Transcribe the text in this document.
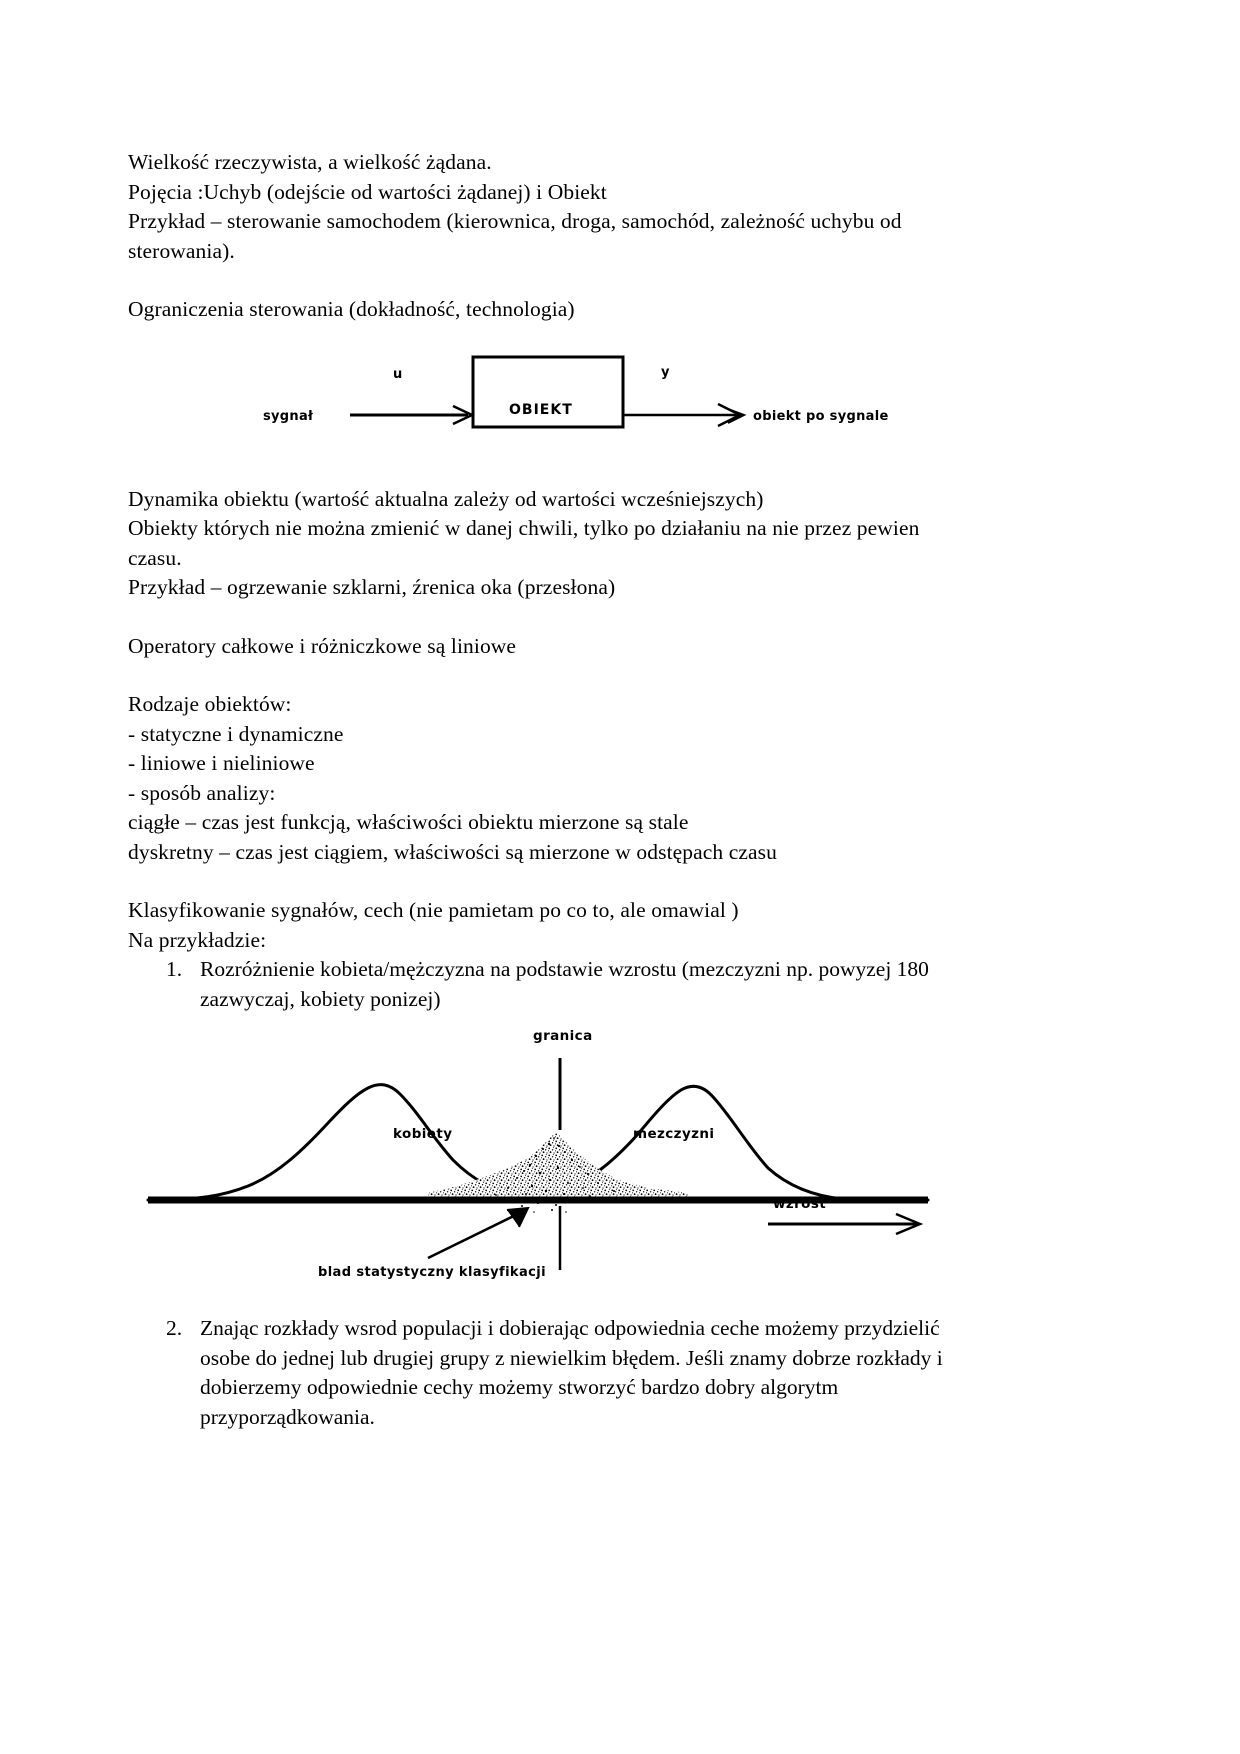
Wielkość rzeczywista, a wielkość żądana.
Pojęcia :Uchyb (odejście od wartości żądanej) i Obiekt
Przykład – sterowanie samochodem (kierownica, droga, samochód, zależność uchybu od
sterowania).
Ograniczenia sterowania (dokładność, technologia)
sygnał
u
OBIEKT
y
obiekt po sygnale
Dynamika obiektu (wartość aktualna zależy od wartości wcześniejszych)
Obiekty których nie można zmienić w danej chwili, tylko po działaniu na nie przez pewien
czasu.
Przykład – ogrzewanie szklarni, źrenica oka (przesłona)
Operatory całkowe i różniczkowe są liniowe
Rodzaje obiektów:
- statyczne i dynamiczne
- liniowe i nieliniowe
- sposób analizy:
ciągłe – czas jest funkcją, właściwości obiektu mierzone są stale
dyskretny – czas jest ciągiem, właściwości są mierzone w odstępach czasu
Klasyfikowanie sygnałów, cech (nie pamietam po co to, ale omawial )
Na przykładzie:
1. Rozróżnienie kobieta/mężczyzna na podstawie wzrostu (mezczyzni np. powyzej 180
zazwyczaj, kobiety ponizej)
granica
kobiety	mezczyzni
wzrost
blad statystyczny klasyfikacji
2. Znając rozkłady wsrod populacji i dobierając odpowiednia ceche możemy przydzielić
osobe do jednej lub drugiej grupy z niewielkim błędem. Jeśli znamy dobrze rozkłady i
dobierzemy odpowiednie cechy możemy stworzyć bardzo dobry algorytm
przyporządkowania.
